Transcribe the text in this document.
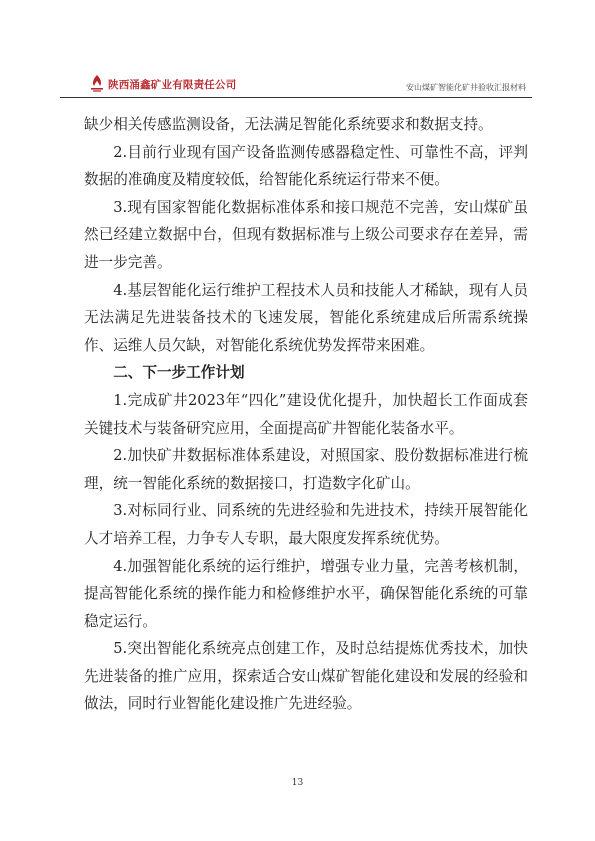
陕西涌鑫矿业有限责任公司	安山煤矿智能化矿井验收汇报材料

缺少相关传感监测设备，无法满足智能化系统要求和数据支持。

2.目前行业现有国产设备监测传感器稳定性、可靠性不高，评判数据的准确度及精度较低，给智能化系统运行带来不便。

3.现有国家智能化数据标准体系和接口规范不完善，安山煤矿虽然已经建立数据中台，但现有数据标准与上级公司要求存在差异，需进一步完善。

4.基层智能化运行维护工程技术人员和技能人才稀缺，现有人员无法满足先进装备技术的飞速发展，智能化系统建成后所需系统操作、运维人员欠缺，对智能化系统优势发挥带来困难。

二、下一步工作计划

1.完成矿井2023年“四化”建设优化提升，加快超长工作面成套关键技术与装备研究应用，全面提高矿井智能化装备水平。

2.加快矿井数据标准体系建设，对照国家、股份数据标准进行梳理，统一智能化系统的数据接口，打造数字化矿山。

3.对标同行业、同系统的先进经验和先进技术，持续开展智能化人才培养工程，力争专人专职，最大限度发挥系统优势。

4.加强智能化系统的运行维护，增强专业力量，完善考核机制，提高智能化系统的操作能力和检修维护水平，确保智能化系统的可靠稳定运行。

5.突出智能化系统亮点创建工作，及时总结提炼优秀技术，加快先进装备的推广应用，探索适合安山煤矿智能化建设和发展的经验和做法，同时行业智能化建设推广先进经验。

13
